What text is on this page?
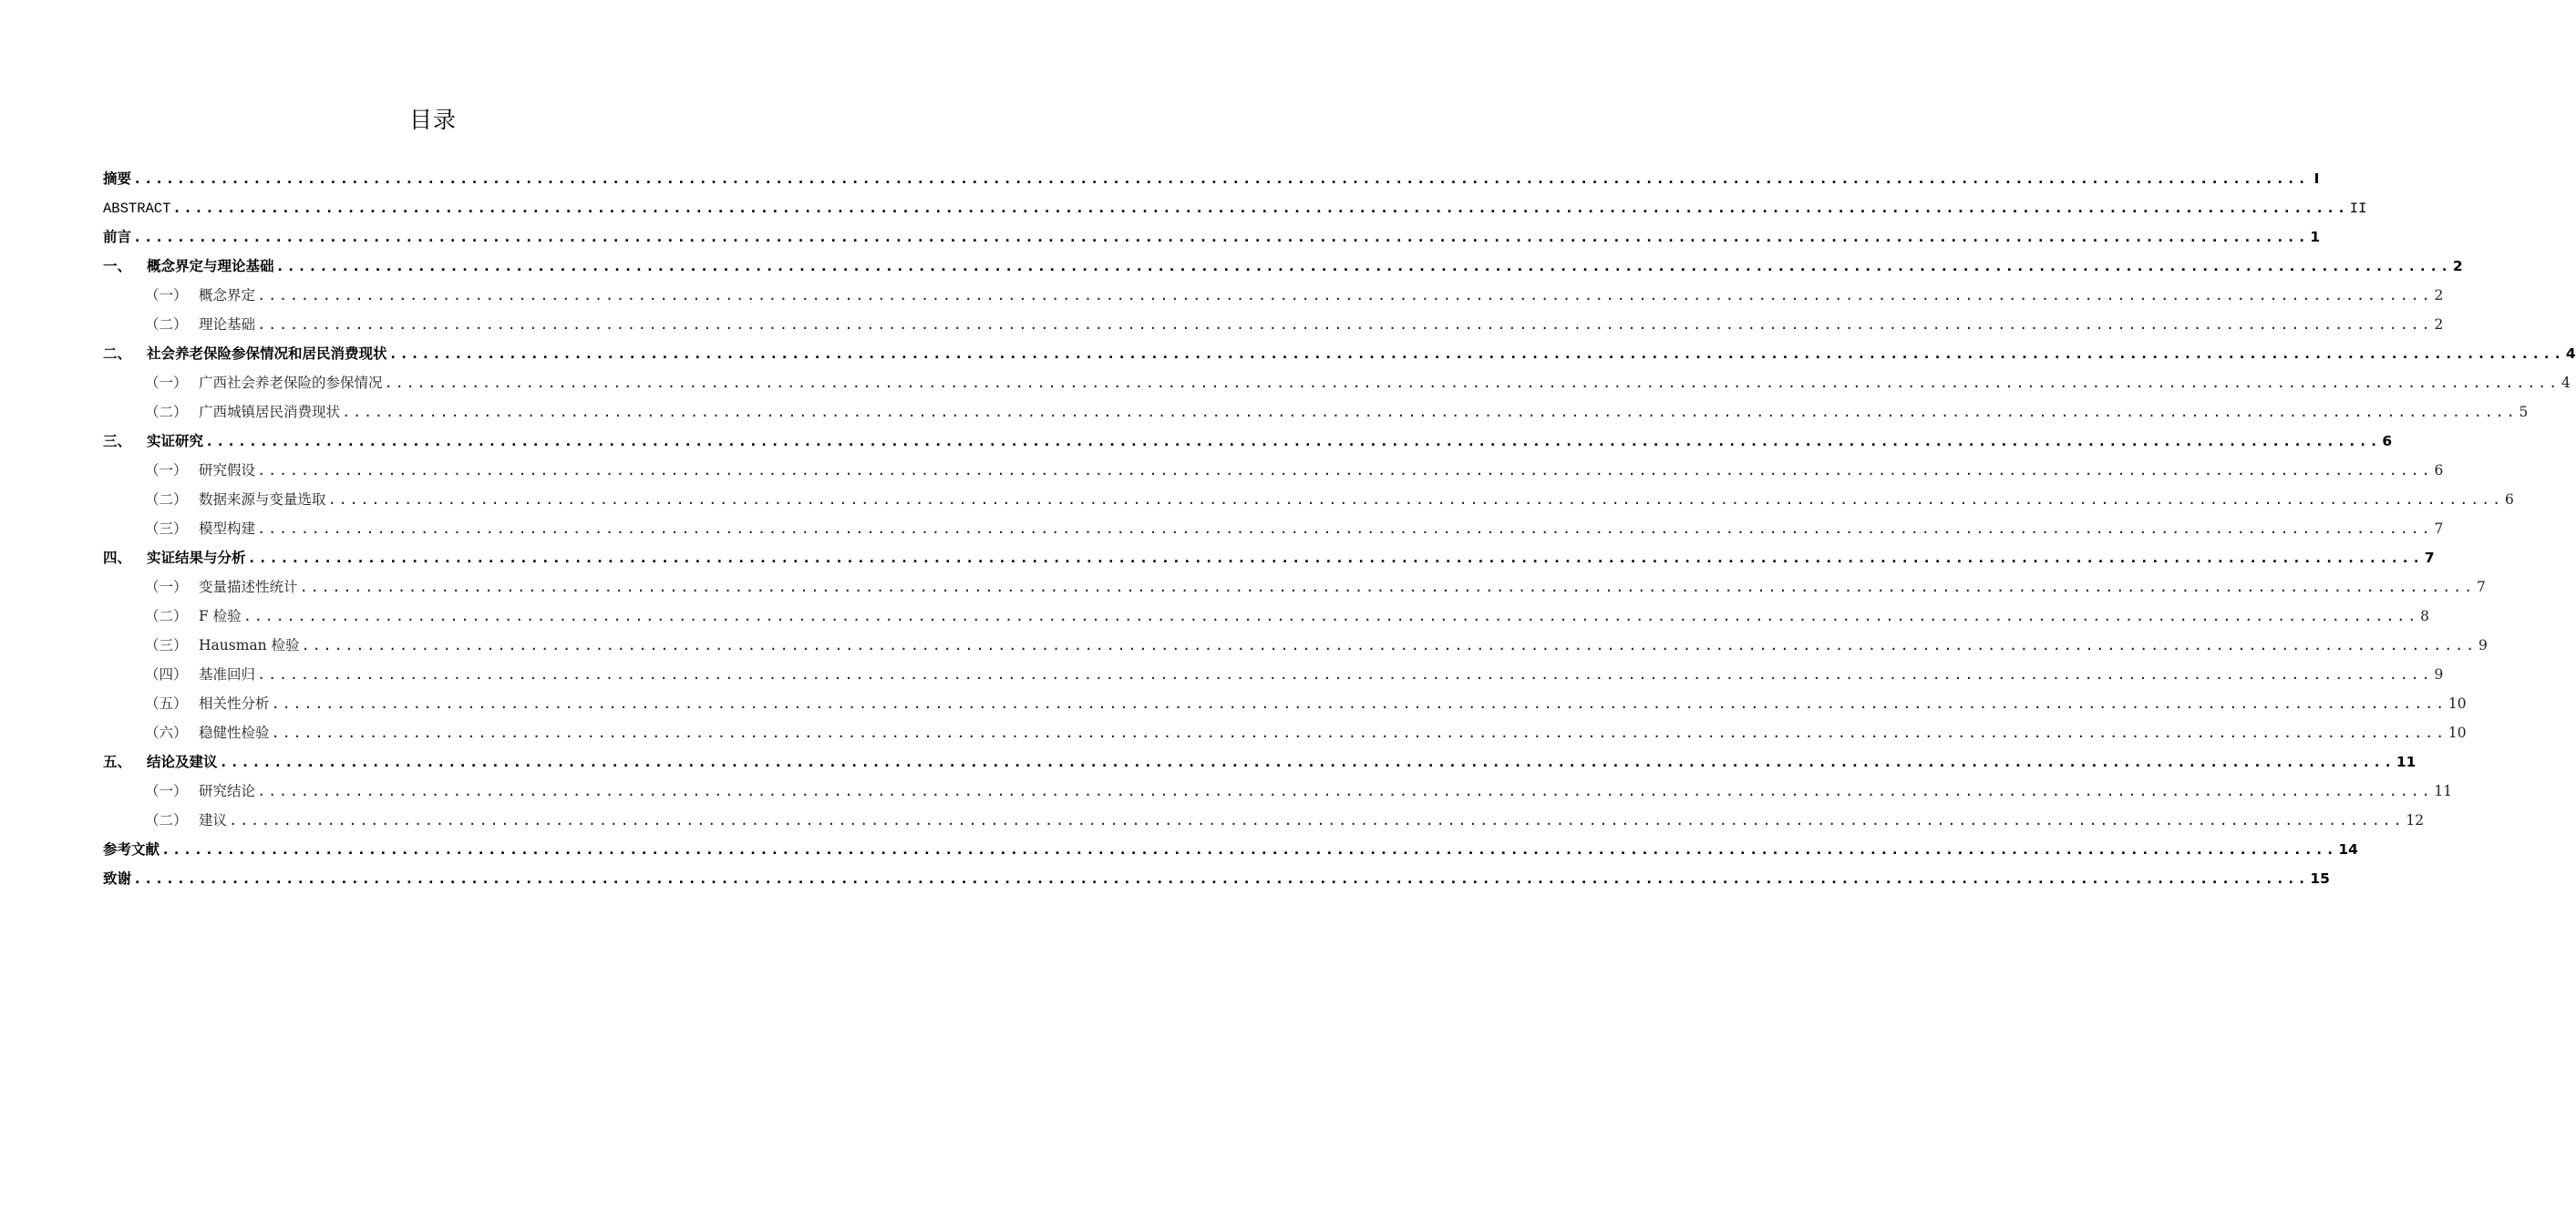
目录
摘要 ........................................................................................................................................................................................................ I
ABSTRACT ........................................................................................................................................................................................................ II
前言 ........................................................................................................................................................................................................ 1
一、 概念界定与理论基础 ........................................................................................................................................................................................................ 2
（一） 概念界定 ........................................................................................................................................................................................................ 2
（二） 理论基础 ........................................................................................................................................................................................................ 2
二、 社会养老保险参保情况和居民消费现状 ........................................................................................................................................................................................................ 4
（一） 广西社会养老保险的参保情况 ........................................................................................................................................................................................................ 4
（二） 广西城镇居民消费现状 ........................................................................................................................................................................................................ 5
三、 实证研究 ........................................................................................................................................................................................................ 6
（一） 研究假设 ........................................................................................................................................................................................................ 6
（二） 数据来源与变量选取 ........................................................................................................................................................................................................ 6
（三） 模型构建 ........................................................................................................................................................................................................ 7
四、 实证结果与分析 ........................................................................................................................................................................................................ 7
（一） 变量描述性统计 ........................................................................................................................................................................................................ 7
（二） F 检验 ........................................................................................................................................................................................................ 8
（三） Hausman 检验 ........................................................................................................................................................................................................ 9
（四） 基准回归 ........................................................................................................................................................................................................ 9
（五） 相关性分析 ........................................................................................................................................................................................................ 10
（六） 稳健性检验 ........................................................................................................................................................................................................ 10
五、 结论及建议 ........................................................................................................................................................................................................ 11
（一） 研究结论 ........................................................................................................................................................................................................ 11
（二） 建议 ........................................................................................................................................................................................................ 12
参考文献 ........................................................................................................................................................................................................ 14
致谢 ........................................................................................................................................................................................................ 15
